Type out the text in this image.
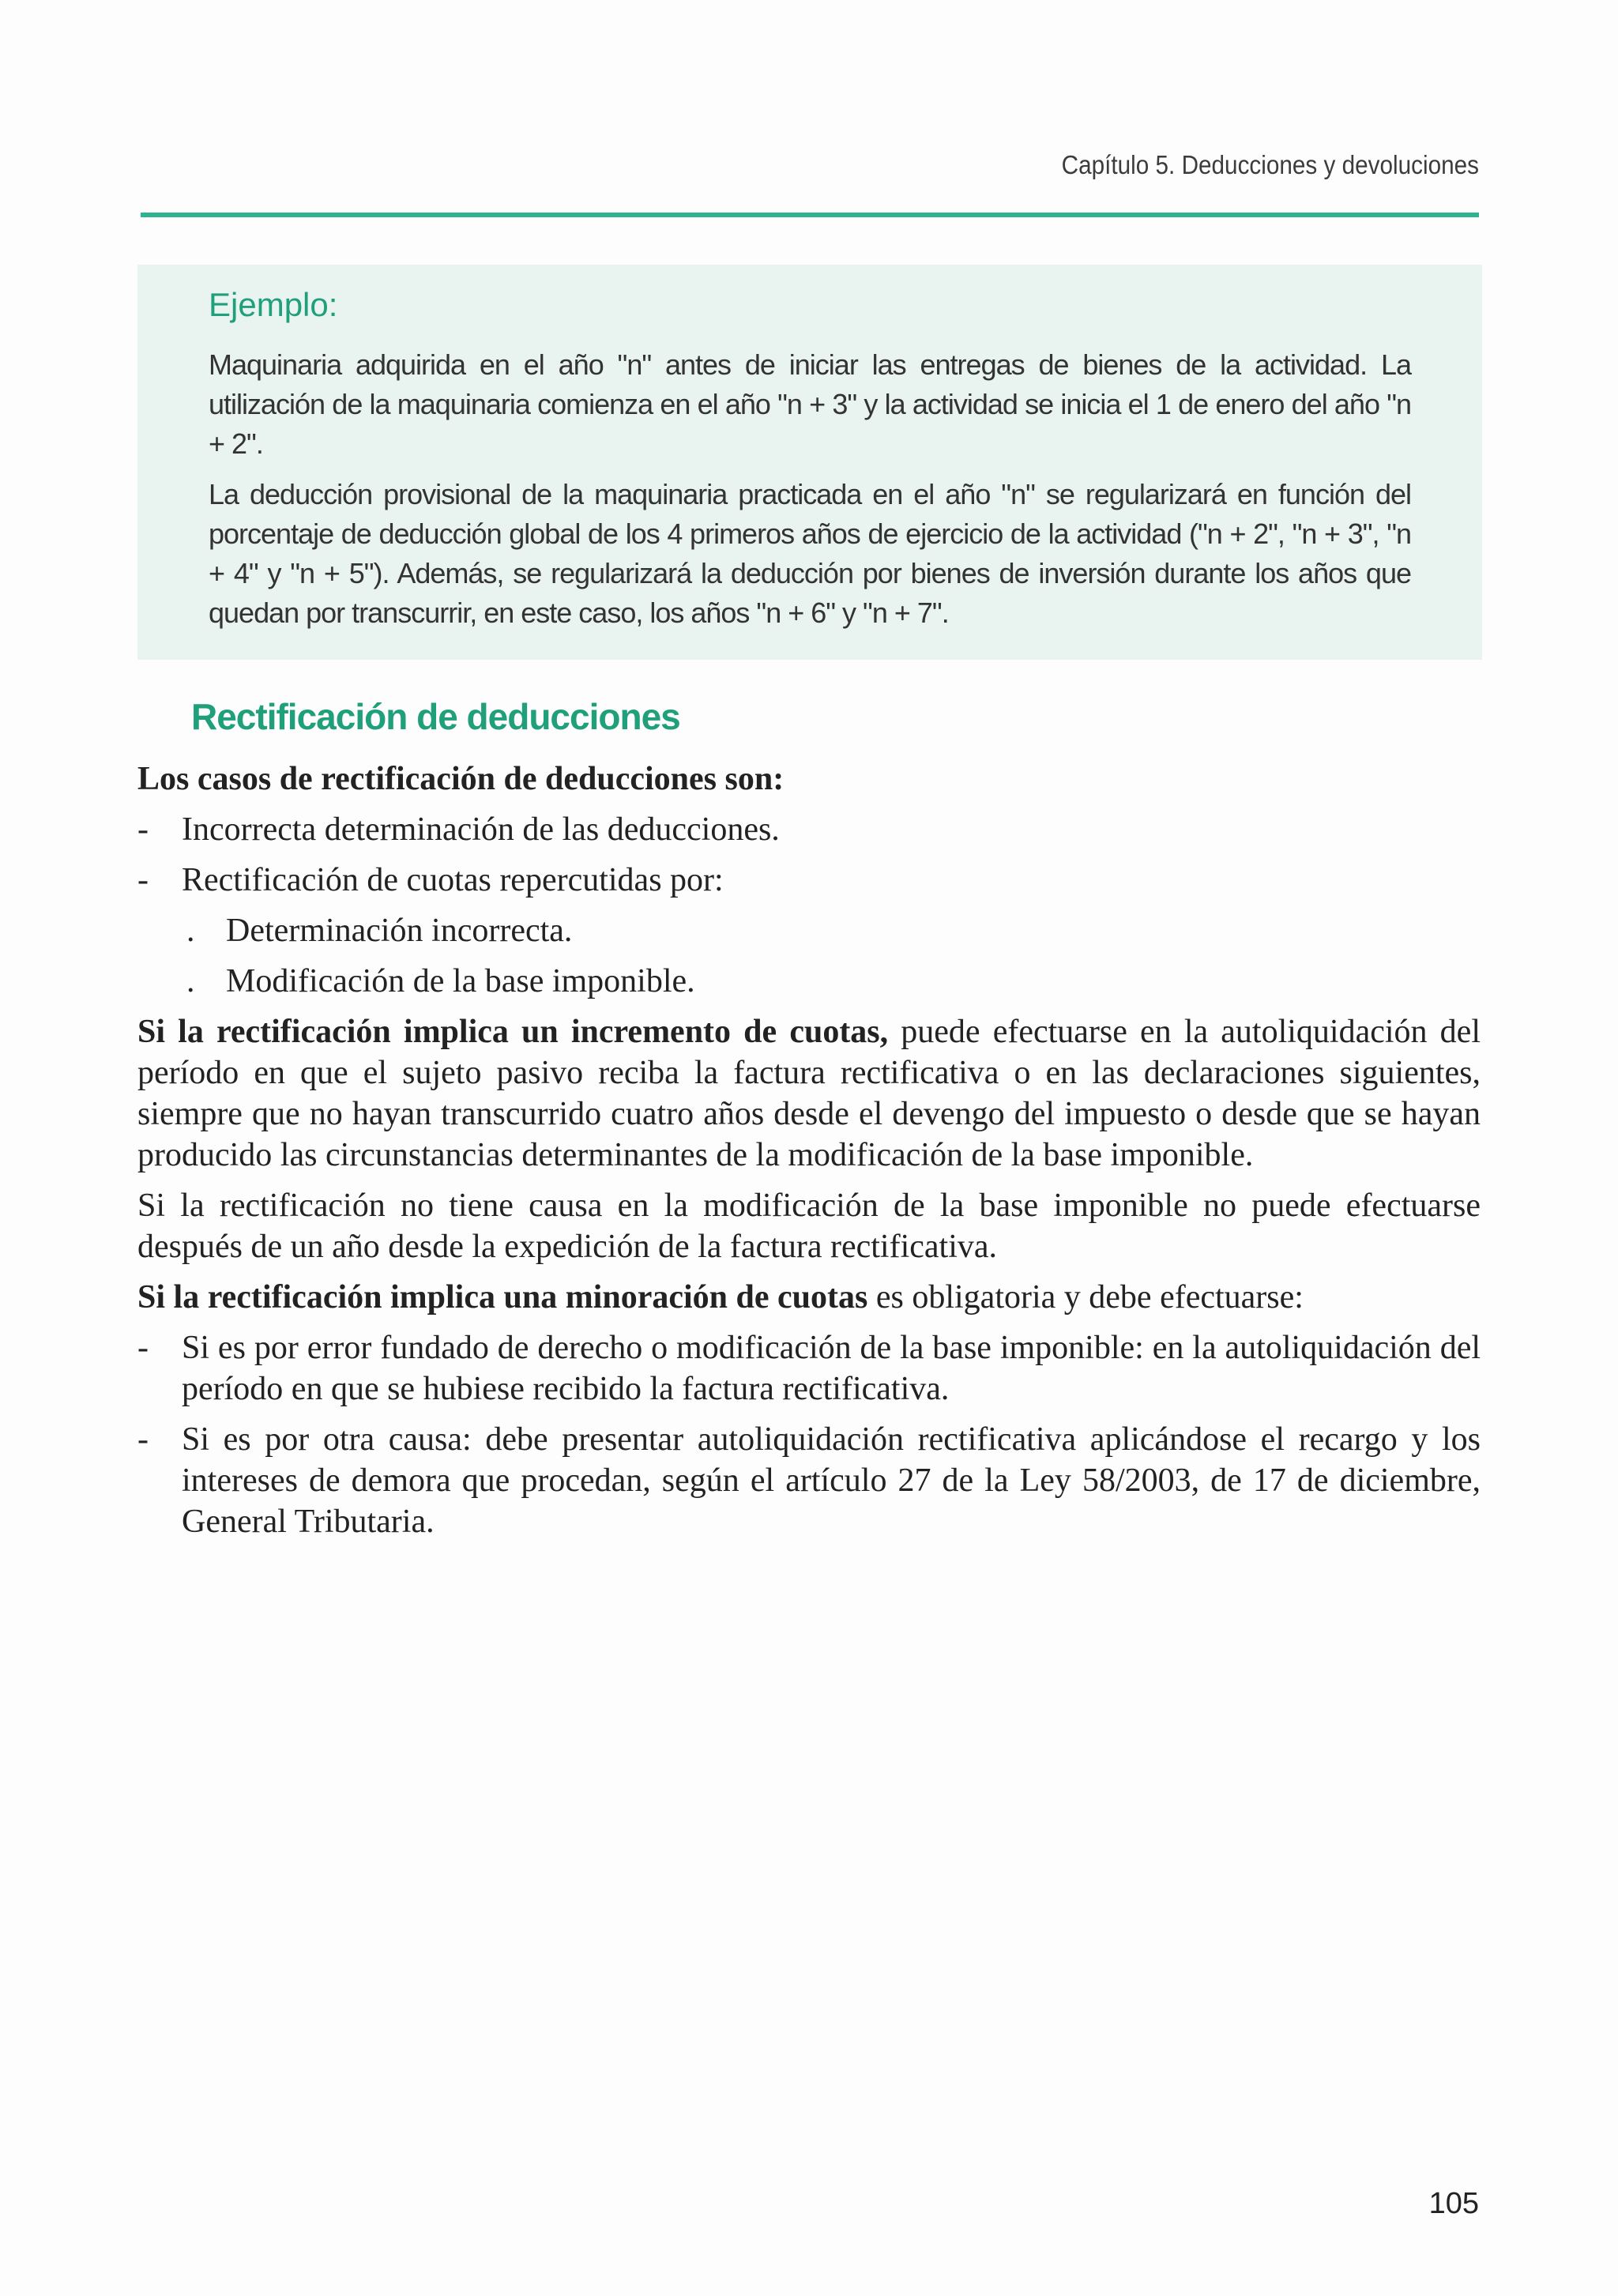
Capítulo 5. Deducciones y devoluciones
Ejemplo:

Maquinaria adquirida en el año "n" antes de iniciar las entregas de bienes de la actividad. La utilización de la maquinaria comienza en el año "n + 3" y la actividad se inicia el 1 de enero del año "n + 2".

La deducción provisional de la maquinaria practicada en el año "n" se regularizará en función del porcentaje de deducción global de los 4 primeros años de ejercicio de la actividad ("n + 2", "n + 3", "n + 4" y "n + 5"). Además, se regularizará la deducción por bienes de inversión durante los años que quedan por transcurrir, en este caso, los años "n + 6" y "n + 7".

Rectificación de deducciones

Los casos de rectificación de deducciones son:

- Incorrecta determinación de las deducciones.
- Rectificación de cuotas repercutidas por:
. Determinación incorrecta.
. Modificación de la base imponible.

Si la rectificación implica un incremento de cuotas, puede efectuarse en la autoliquidación del período en que el sujeto pasivo reciba la factura rectificativa o en las declaraciones siguientes, siempre que no hayan transcurrido cuatro años desde el devengo del impuesto o desde que se hayan producido las circunstancias determinantes de la modificación de la base imponible.

Si la rectificación no tiene causa en la modificación de la base imponible no puede efectuarse después de un año desde la expedición de la factura rectificativa.

Si la rectificación implica una minoración de cuotas es obligatoria y debe efectuarse:

- Si es por error fundado de derecho o modificación de la base imponible: en la autoliquidación del período en que se hubiese recibido la factura rectificativa.
- Si es por otra causa: debe presentar autoliquidación rectificativa aplicándose el recargo y los intereses de demora que procedan, según el artículo 27 de la Ley 58/2003, de 17 de diciembre, General Tributaria.
105
